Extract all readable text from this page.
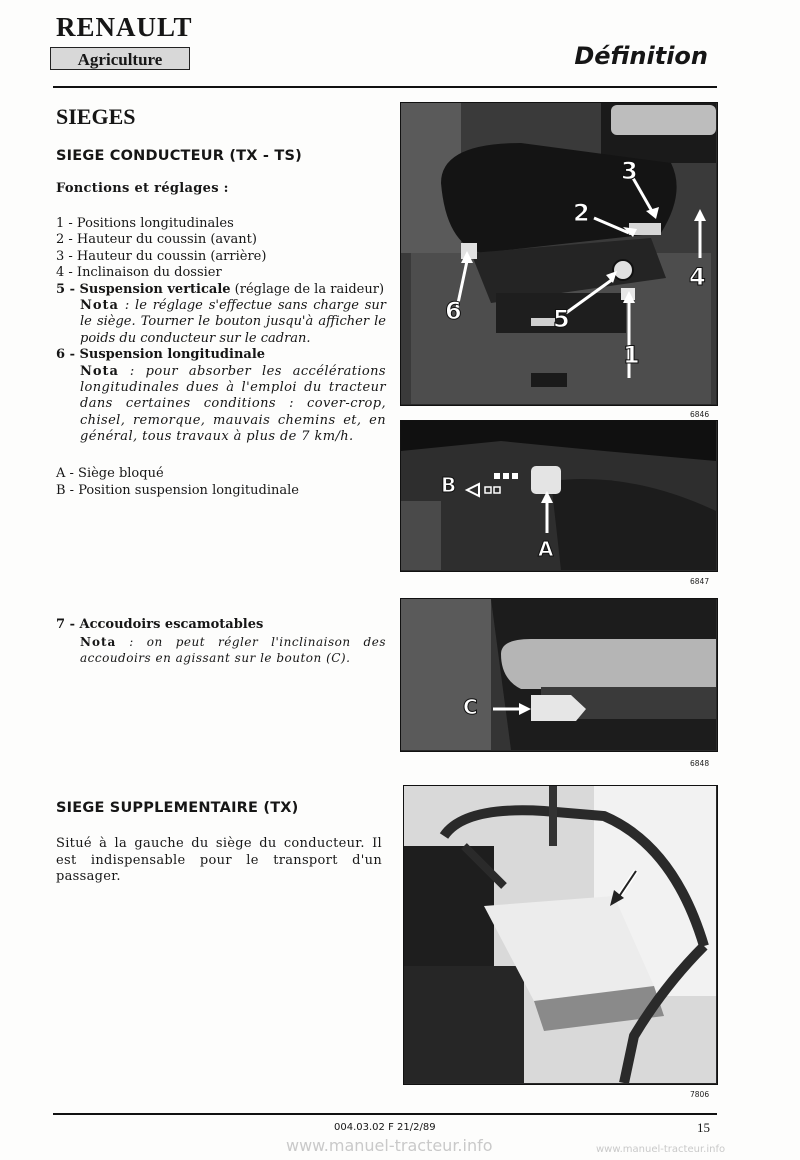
RENAULT
Agriculture	Définition
SIEGES
SIEGE CONDUCTEUR (TX - TS)
Fonctions et réglages :
1 - Positions longitudinales
2 - Hauteur du coussin (avant)
3 - Hauteur du coussin (arrière)
4 - Inclinaison du dossier
5 - Suspension verticale (réglage de la raideur)
Nota : le réglage s'effectue sans charge sur le siège. Tourner le bouton jusqu'à afficher le poids du conducteur sur le cadran.
6 - Suspension longitudinale
Nota : pour absorber les accélérations longitudinales dues à l'emploi du tracteur dans certaines conditions : cover-crop, chisel, remorque, mauvais chemins et, en général, tous travaux à plus de 7 km/h.
A - Siège bloqué
B - Position suspension longitudinale
7 - Accoudoirs escamotables
Nota : on peut régler l'inclinaison des accoudoirs en agissant sur le bouton (C).
SIEGE SUPPLEMENTAIRE (TX)
Situé à la gauche du siège du conducteur. Il est indispensable pour le transport d'un passager.
1
2
3
4
5
6
6846
B
A
6847
C
6848
7806
004.03.02 F 21/2/89	15
www.manuel-tracteur.info	www.manuel-tracteur.info
